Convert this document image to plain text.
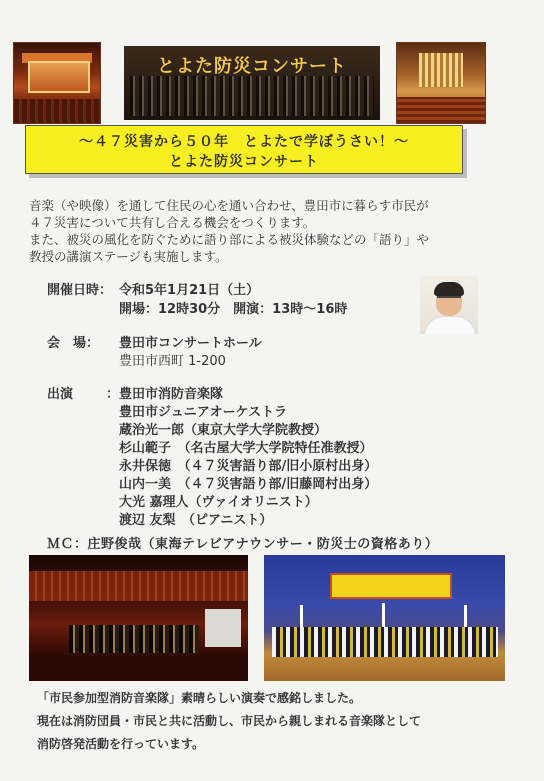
とよた防災コンサート
〜４７災害から５０年　とよたで学ぼうさい！〜
とよた防災コンサート

音楽（や映像）を通して住民の心を通い合わせ、豊田市に暮らす市民が

４７災害について共有し合える機会をつくります。

また、被災の風化を防ぐために語り部による被災体験などの「語り」や

教授の講演ステージも実施します。

開催日時： 令和5年1月21日（土）
開場：12時30分　開演：13時〜16時
会　場： 豊田市コンサートホール
豊田市西町 1-200
出演	： 豊田市消防音楽隊
豊田市ジュニアオーケストラ
蔵治光一郎（東京大学大学院教授）
杉山範子　（名古屋大学大学院特任准教授）
永井保徳　（４７災害語り部/旧小原村出身）
山内一美　（４７災害語り部/旧藤岡村出身）
大光 嘉理人（ヴァイオリニスト）
渡辺 友梨　（ピアニスト）
ＭＣ：庄野俊哉（東海テレビアナウンサー・防災士の資格あり）
「市民参加型消防音楽隊」素晴らしい演奏で感銘しました。
現在は消防団員・市民と共に活動し、市民から親しまれる音楽隊として
消防啓発活動を行っています。
